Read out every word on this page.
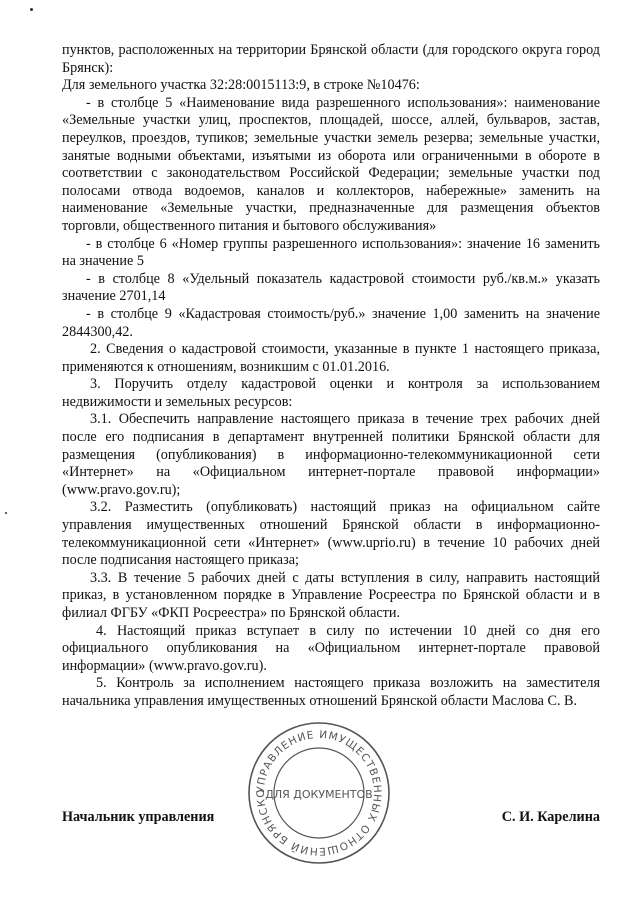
пунктов, расположенных на территории Брянской области (для городского округа город Брянск):

Для земельного участка 32:28:0015113:9, в строке №10476:

- в столбце 5 «Наименование вида разрешенного использования»: наименование «Земельные участки улиц, проспектов, площадей, шоссе, аллей, бульваров, застав, переулков, проездов, тупиков; земельные участки земель резерва; земельные участки, занятые водными объектами, изъятыми из оборота или ограниченными в обороте в соответствии с законодательством Российской Федерации; земельные участки под полосами отвода водоемов, каналов и коллекторов, набережные» заменить на наименование «Земельные участки, предназначенные для размещения объектов торговли, общественного питания и бытового обслуживания»

- в столбце 6 «Номер группы разрешенного использования»: значение 16 заменить на значение 5

- в столбце 8 «Удельный показатель кадастровой стоимости руб./кв.м.» указать значение 2701,14

- в столбце 9 «Кадастровая стоимость/руб.» значение 1,00 заменить на значение 2844300,42.

2. Сведения о кадастровой стоимости, указанные в пункте 1 настоящего приказа, применяются к отношениям, возникшим с 01.01.2016.

3. Поручить отделу кадастровой оценки и контроля за использованием недвижимости и земельных ресурсов:

3.1. Обеспечить направление настоящего приказа в течение трех рабочих дней после его подписания в департамент внутренней политики Брянской области для размещения (опубликования) в информационно-телекоммуникационной сети «Интернет» на «Официальном интернет-портале правовой информации» (www.pravo.gov.ru);

3.2. Разместить (опубликовать) настоящий приказ на официальном сайте управления имущественных отношений Брянской области в информационно-телекоммуникационной сети «Интернет» (www.uprio.ru) в течение 10 рабочих дней после подписания настоящего приказа;

3.3. В течение 5 рабочих дней с даты вступления в силу, направить настоящий приказ, в установленном порядке в Управление Росреестра по Брянской области и в филиал ФГБУ «ФКП Росреестра» по Брянской области.

4. Настоящий приказ вступает в силу по истечении 10 дней со дня его официального опубликования на «Официальном интернет-портале правовой информации» (www.pravo.gov.ru).

5. Контроль за исполнением настоящего приказа возложить на заместителя начальника управления имущественных отношений Брянской области Маслова С. В.

УПРАВЛЕНИЕ ИМУЩЕСТВЕННЫХ ОТНОШЕНИЙ БРЯНСКО
ДЛЯ ДОКУМЕНТОВ
Начальник управления	С. И. Карелина
